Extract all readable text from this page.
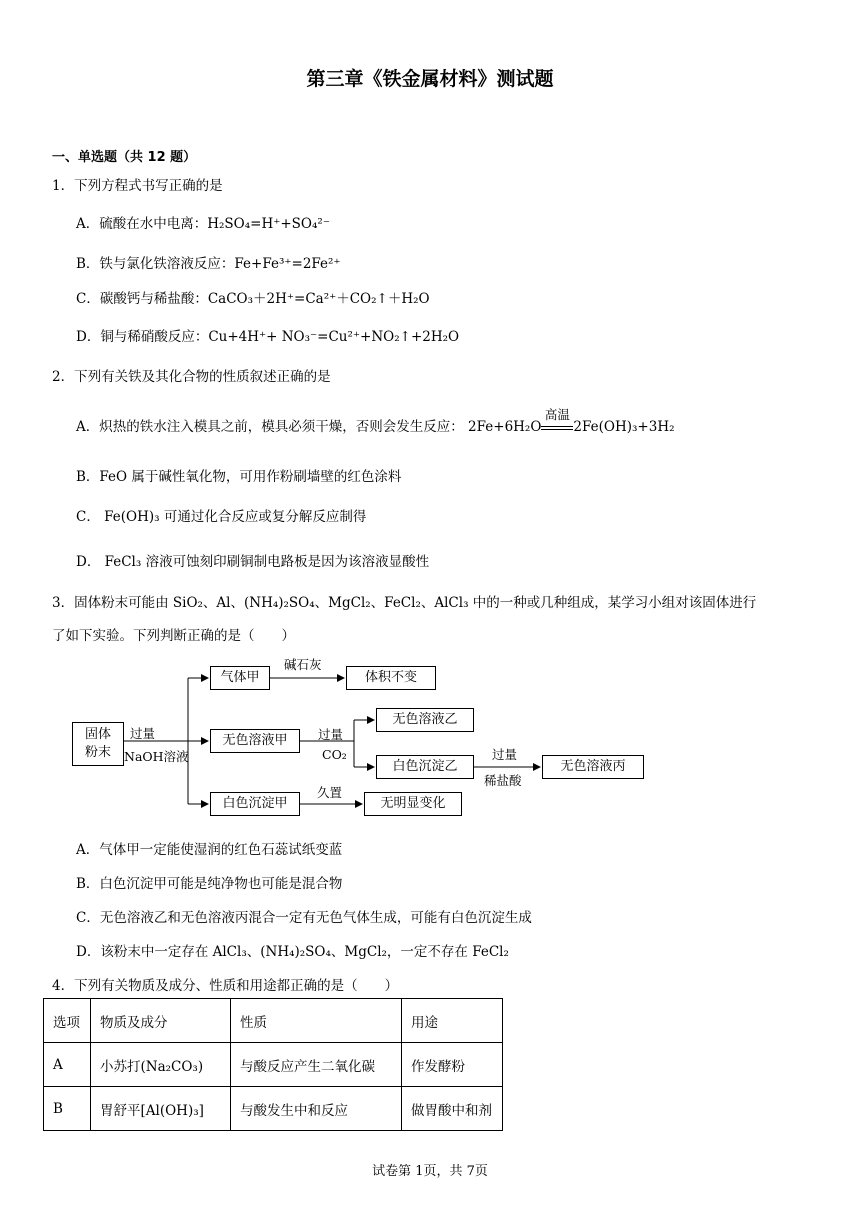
第三章《铁金属材料》测试题
一、单选题（共 12 题）
1．下列方程式书写正确的是
A．硫酸在水中电离：H₂SO₄=H⁺+SO₄²⁻
B．铁与氯化铁溶液反应：Fe+Fe³⁺=2Fe²⁺
C．碳酸钙与稀盐酸：CaCO₃＋2H⁺=Ca²⁺＋CO₂↑＋H₂O
D．铜与稀硝酸反应：Cu+4H⁺+ NO₃⁻=Cu²⁺+NO₂↑+2H₂O
2．下列有关铁及其化合物的性质叙述正确的是
A．炽热的铁水注入模具之前，模具必须干燥，否则会发生反应： 2Fe+6H₂O
高温
2Fe(OH)₃+3H₂
B．FeO 属于碱性氧化物，可用作粉刷墙壁的红色涂料
C． Fe(OH)₃ 可通过化合反应或复分解反应制得
D． FeCl₃ 溶液可蚀刻印刷铜制电路板是因为该溶液显酸性
3．固体粉末可能由 SiO₂、Al、(NH₄)₂SO₄、MgCl₂、FeCl₂、AlCl₃ 中的一种或几种组成，某学习小组对该固体进行
了如下实验。下列判断正确的是（　　）
固体
粉末
过量
NaOH溶液
气体甲
碱石灰
体积不变
无色溶液甲	过量
CO₂
无色溶液乙
白色沉淀乙
过量
稀盐酸
无色溶液丙
白色沉淀甲
久置
无明显变化
A．气体甲一定能使湿润的红色石蕊试纸变蓝
B．白色沉淀甲可能是纯净物也可能是混合物
C．无色溶液乙和无色溶液丙混合一定有无色气体生成，可能有白色沉淀生成
D．该粉末中一定存在 AlCl₃、(NH₄)₂SO₄、MgCl₂，一定不存在 FeCl₂
4．下列有关物质及成分、性质和用途都正确的是（　　）
选项	物质及成分	性质	用途
A	小苏打(Na₂CO₃)	与酸反应产生二氧化碳	作发酵粉
B	胃舒平[Al(OH)₃]	与酸发生中和反应	做胃酸中和剂
试卷第 1页，共 7页
